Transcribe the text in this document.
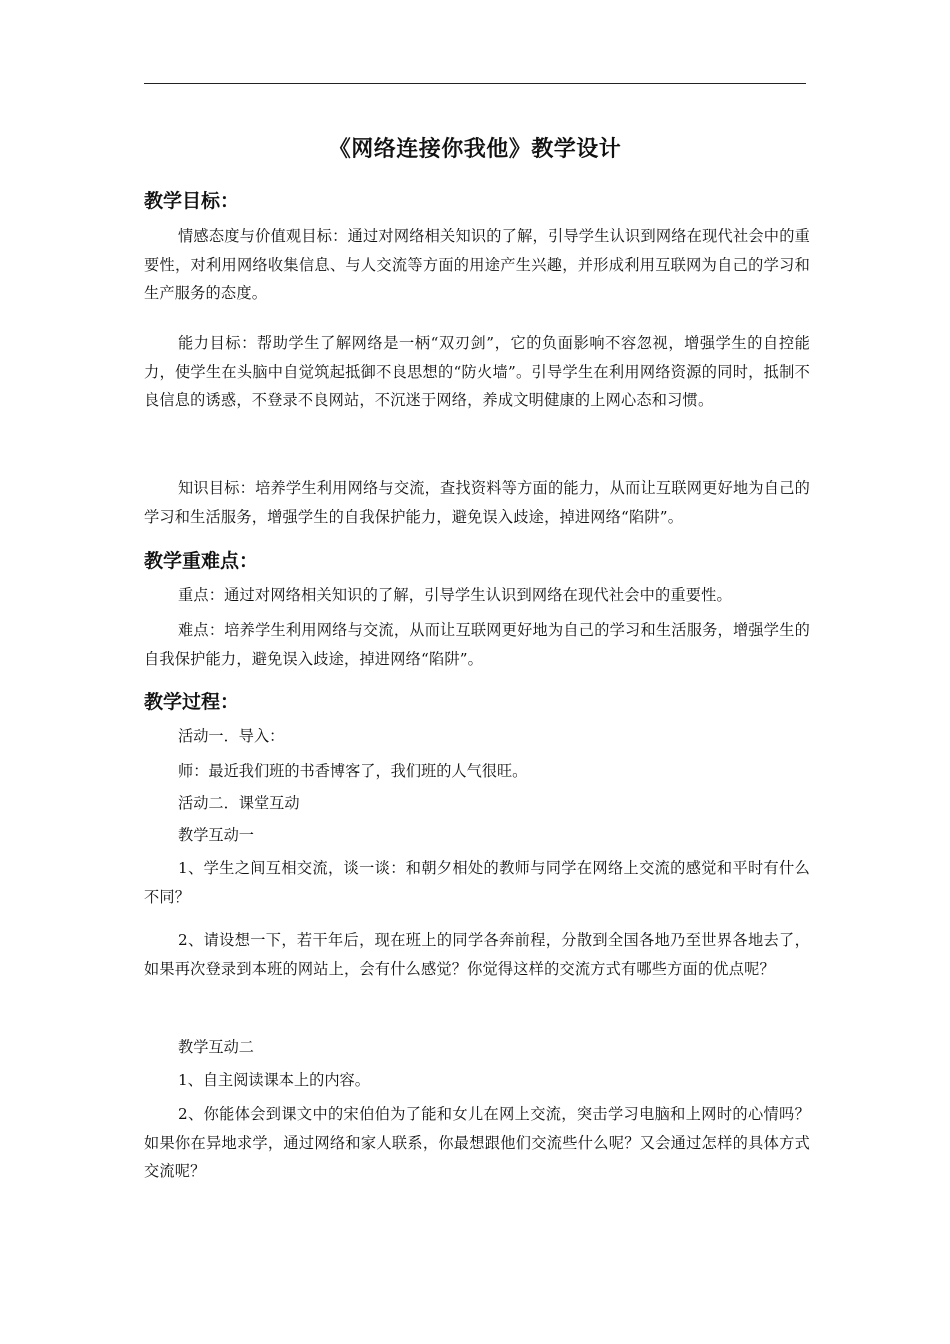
《网络连接你我他》教学设计
教学目标：
情感态度与价值观目标：通过对网络相关知识的了解，引导学生认识到网络在现代社会中的重要性，对利用网络收集信息、与人交流等方面的用途产生兴趣，并形成利用互联网为自己的学习和生产服务的态度。
能力目标：帮助学生了解网络是一柄“双刃剑”，它的负面影响不容忽视，增强学生的自控能力，使学生在头脑中自觉筑起抵御不良思想的“防火墙”。引导学生在利用网络资源的同时，抵制不良信息的诱惑，不登录不良网站，不沉迷于网络，养成文明健康的上网心态和习惯。
知识目标：培养学生利用网络与交流，查找资料等方面的能力，从而让互联网更好地为自己的学习和生活服务，增强学生的自我保护能力，避免误入歧途，掉进网络“陷阱”。
教学重难点：
重点：通过对网络相关知识的了解，引导学生认识到网络在现代社会中的重要性。
难点：培养学生利用网络与交流，从而让互联网更好地为自己的学习和生活服务，增强学生的自我保护能力，避免误入歧途，掉进网络“陷阱”。
教学过程：
活动一．导入：
师：最近我们班的书香博客了，我们班的人气很旺。
活动二．课堂互动
教学互动一
1、学生之间互相交流，谈一谈：和朝夕相处的教师与同学在网络上交流的感觉和平时有什么不同？
2、请设想一下，若干年后，现在班上的同学各奔前程，分散到全国各地乃至世界各地去了，如果再次登录到本班的网站上，会有什么感觉？你觉得这样的交流方式有哪些方面的优点呢？
教学互动二
1、自主阅读课本上的内容。
2、你能体会到课文中的宋伯伯为了能和女儿在网上交流，突击学习电脑和上网时的心情吗？如果你在异地求学，通过网络和家人联系，你最想跟他们交流些什么呢？又会通过怎样的具体方式交流呢？
